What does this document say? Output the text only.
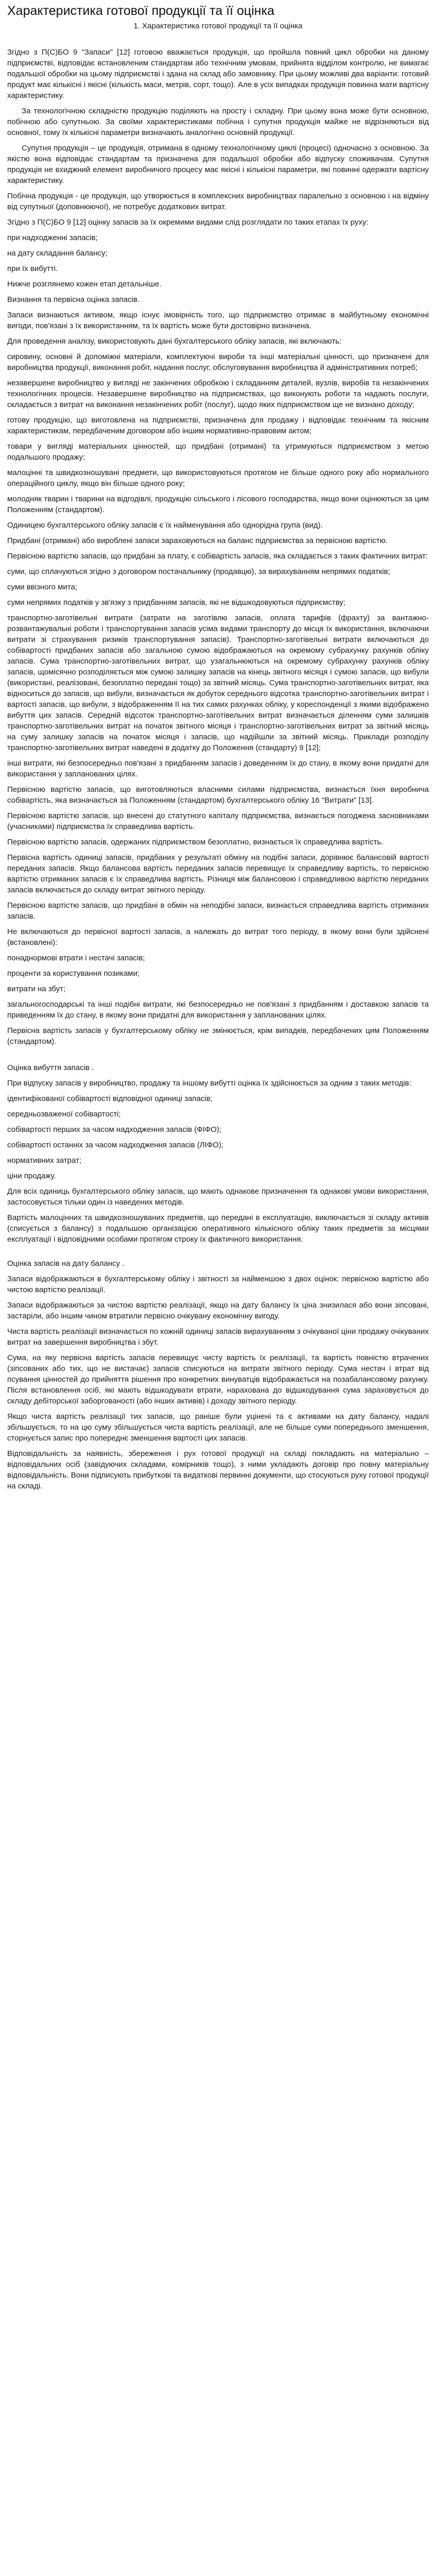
Характеристика готової продукції та її оцінка
1. Характеристика готової продукції та її оцінка

Згідно з П(С)БО 9 "Запаси" [12] готовою вважається продукція, що пройшла повний цикл обробки на даному підприємстві, відповідає встановленим стандартам або технічним умовам, прийнята відділом контролю, не вимагає подальшої обробки на цьому підприємстві і здана на склад або замовнику. При цьому можливі два варіанти: готовий продукт має кількісні і якісні (кількість маси, метрів, сорт, тощо). Але в усіх випадках продукція повинна мати вартісну характеристику.

За технологічною складністю продукцію поділяють на просту і складну. При цьому вона може бути основною, побічною або супутньою. За своїми характеристиками побічна і супутня продукція майже не відрізняються від основної, тому їх кількісні параметри визначають аналогічно основній продукції.

Супутня продукція – це продукція, отримана в одному технологічному циклі (процесі) одночасно з основною. За якістю вона відповідає стандартам та призначена для подальшої обробки або відпуску споживачам. Супутня продукція не вхиджний елемент виробничого процесу має якісні і кількісні параметри, які повинні одержати вартісну характеристику.

Побічна продукція - це продукція, що утворюється в комплексних виробництвах паралельно з основною і на відміну від супутньої (доповнюючої), не потребує додаткових витрат.

Згідно з П(С)БО 9 [12] оцінку запасів за їх окремими видами слід розглядати по таких етапах їх руху:

при надходженні запасів;

на дату складання балансу;

при їх вибутті.

Нижче розглянемо кожен етап детальніше.

Визнання та первісна оцінка запасів.

Запаси визнаються активом, якщо існує імовірність того, що підприємство отримає в майбутньому економічні вигоди, пов'язані з їх використанням, та їх вартість може бути достовірно визначена.

Для проведення аналізу, використовують дані бухгалтерського обліку запасів, які включають:

сировину, основні й допоміжні матеріали, комплектуючі вироби та інші матеріальні цінності, що призначені для виробництва продукції, виконання робіт, надання послуг, обслуговування виробництва й адміністративних потреб;

незавершене виробництво у вигляді не закінчених обробкою і складанням деталей, вузлів, виробів та незакінчених технологічних процесів. Незавершене виробництво на підприємствах, що виконують роботи та надають послуги, складається з витрат на виконання незакінчених робіт (послуг), щодо яких підприємством ще не визнано доходу;

готову продукцію, що виготовлена на підприємстві, призначена для продажу і відповідає технічним та якісним характеристикам, передбаченим договором або іншим нормативно-правовим актом;

товари у вигляді матеріальних цінностей, що придбані (отримані) та утримуються підприємством з метою подальшого продажу;

малоцінні та швидкозношувані предмети, що використовуються протягом не більше одного року або нормального операційного циклу, якщо він більше одного року;

молодняк тварин і тварини на відгодівлі, продукцію сільського і лісового господарства, якщо вони оцінюються за цим Положенням (стандартом).

Одиницею бухгалтерського обліку запасів є їх найменування або однорідна група (вид).

Придбані (отримані) або вироблені запаси зараховуються на баланс підприємства за первісною вартістю.

Первісною вартістю запасів, що придбані за плату, є собівартість запасів, яка складається з таких фактичних витрат:

суми, що сплачуються згідно з договором постачальнику (продавцю), за вирахуванням непрямих податків;

суми ввізного мита;

суми непрямих податків у зв'язку з придбанням запасів, які не відшкодовуються підприємству;

транспортно-заготівельні витрати (затрати на заготівлю запасів, оплата тарифів (фрахту) за вантажно-розвантажувальні роботи і транспортування запасів усіма видами транспорту до місця їх використання, включаючи витрати зі страхування ризиків транспортування запасів). Транспортно-заготівельні витрати включаються до собівартості придбаних запасів або загальною сумою відображаються на окремому субрахунку рахунків обліку запасів. Сума транспортно-заготівельних витрат, що узагальнюються на окремому субрахунку рахунків обліку запасів, щомісячно розподіляється між сумою залишку запасів на кінець звітного місяця і сумою запасів, що вибули (використані, реалізовані, безоплатно передані тощо) за звітний місяць. Сума транспортно-заготівельних витрат, яка відноситься до запасів, що вибули, визначається як добуток середнього відсотка транспортно-заготівельних витрат і вартості запасів, що вибули, з відображенням її на тих самих рахунках обліку, у кореспонденції з якими відображено вибуття цих запасів. Середній відсоток транспортно-заготівельних витрат визначається діленням суми залишків транспортно-заготівельних витрат на початок звітного місяця і транспортно-заготівельних витрат за звітний місяць на суму залишку запасів на початок місяця і запасів, що надійшли за звітний місяць. Приклади розподілу транспортно-заготівельних витрат наведені в додатку до Положення (стандарту) 9 [12];

інші витрати, які безпосередньо пов'язані з придбанням запасів і доведенням їх до стану, в якому вони придатні для використання у запланованих цілях.

Первісною вартістю запасів, що виготовляються власними силами підприємства, визнається їхня виробнича собівартість, яка визначається за Положенням (стандартом) бухгалтерського обліку 16 "Витрати" [13].

Первісною вартістю запасів, що внесені до статутного капіталу підприємства, визнається погоджена засновниками (учасниками) підприємства їх справедлива вартість.

Первісною вартістю запасів, одержаних підприємством безоплатно, визнається їх справедлива вартість.

Первісна вартість одиниці запасів, придбаних у результаті обміну на подібні запаси, дорівнює балансовій вартості переданих запасів. Якщо балансова вартість переданих запасів перевищує їх справедливу вартість, то первісною вартістю отриманих запасів є їх справедлива вартість. Різниця між балансовою і справедливою вартістю переданих запасів включається до складу витрат звітного періоду.

Первісною вартістю запасів, що придбані в обмін на неподібні запаси, визнається справедлива вартість отриманих запасів.

Не включаються до первісної вартості запасів, а належать до витрат того періоду, в якому вони були здійснені (встановлені):

понаднормові втрати і нестачі запасів;

проценти за користування позиками;

витрати на збут;

загальногосподарські та інші подібні витрати, які безпосередньо не пов'язані з придбанням і доставкою запасів та приведенням їх до стану, в якому вони придатні для використання у запланованих цілях.

Первісна вартість запасів у бухгалтерському обліку не змінюється, крім випадків, передбачених цим Положенням (стандартом).

Оцінка вибуття запасів .

При відпуску запасів у виробництво, продажу та іншому вибутті оцінка їх здійснюється за одним з таких методів:

ідентифікованої собівартості відповідної одиниці запасів;

середньозваженої собівартості;

собівартості перших за часом надходження запасів (ФІФО);

собівартості останніх за часом надходження запасів (ЛІФО);

нормативних затрат;

ціни продажу.

Для всіх одиниць бухгалтерського обліку запасів, що мають однакове призначення та однакові умови використання, застосовується тільки один із наведених методів.

Вартість малоцінних та швидкозношуваних предметів, що передані в експлуатацію, виключається зі складу активів (списується з балансу) з подальшою організацією оперативного кількісного обліку таких предметів за місцями експлуатації і відповідними особами протягом строку їх фактичного використання.

Оцінка запасів на дату балансу .

Запаси відображаються в бухгалтерському обліку і звітності за найменшою з двох оцінок: первісною вартістю або чистою вартістю реалізації.

Запаси відображаються за чистою вартістю реалізації, якщо на дату балансу їх ціна знизилася або вони зіпсовані, застаріли, або іншим чином втратили первісно очікувану економічну вигоду.

Чиста вартість реалізації визначається по кожній одиниці запасів вирахуванням з очікуваної ціни продажу очікуваних витрат на завершення виробництва і збут.

Сума, на яку первісна вартість запасів перевищує чисту вартість їх реалізації, та вартість повністю втрачених (зіпсованих або тих, що не вистачає) запасів списуються на витрати звітного періоду. Сума нестач і втрат від псування цінностей до прийняття рішення про конкретних винуватців відображається на позабалансовому рахунку. Після встановлення осіб, які мають відшкодувати втрати, нарахована до відшкодування сума зараховується до складу дебіторської заборгованості (або інших активів) і доходу звітного періоду.

Якщо чиста вартість реалізації тих запасів, що раніше були уцінені та є активами на дату балансу, надалі збільшується, то на цю суму збільшується чиста вартість реалізації, але не більше суми попереднього зменшення, сторнується запис про попереднє зменшення вартості цих запасів.

Відповідальність за наявність, збереження і рух готової продукції на складі покладають на матеріально – відповідальних осіб (завідуючих складами, комірників тощо), з ними укладають договір про повну матеріальну відповідальність. Вони підписують прибуткові та видаткові первинні документи, що стосуються руху готової продукції на складі.
